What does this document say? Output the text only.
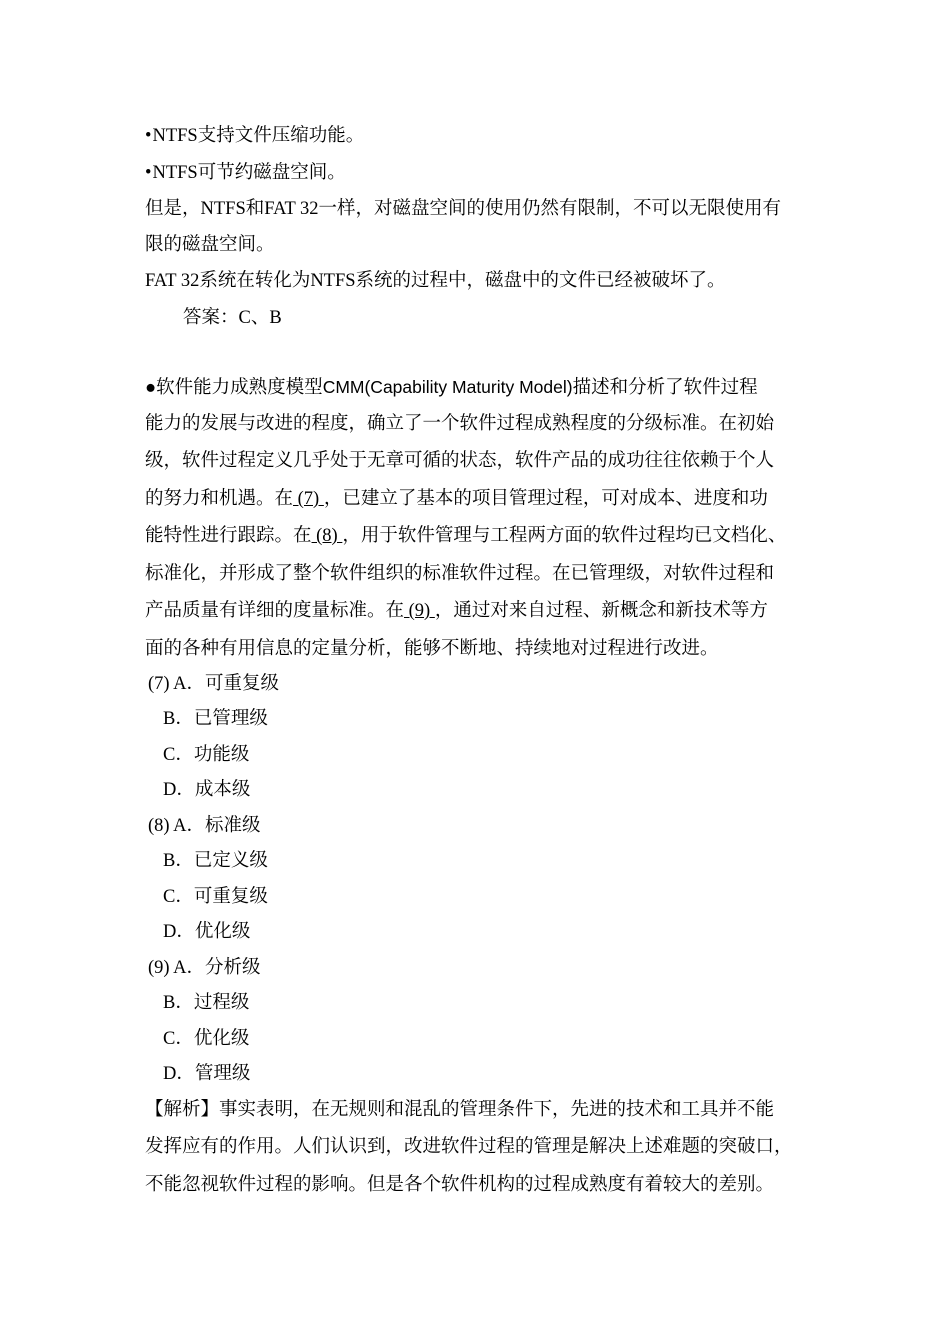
•NTFS支持文件压缩功能。
•NTFS可节约磁盘空间。
但是，NTFS和FAT 32一样，对磁盘空间的使用仍然有限制，不可以无限使用有
限的磁盘空间。
FAT 32系统在转化为NTFS系统的过程中，磁盘中的文件已经被破坏了。
答案：C、B
●软件能力成熟度模型CMM(Capability Maturity Model)描述和分析了软件过程
能力的发展与改进的程度，确立了一个软件过程成熟程度的分级标准。在初始
级，软件过程定义几乎处于无章可循的状态，软件产品的成功往往依赖于个人
的努力和机遇。在 (7) ，已建立了基本的项目管理过程，可对成本、进度和功
能特性进行跟踪。在 (8) ，用于软件管理与工程两方面的软件过程均已文档化、
标准化，并形成了整个软件组织的标准软件过程。在已管理级，对软件过程和
产品质量有详细的度量标准。在 (9) ，通过对来自过程、新概念和新技术等方
面的各种有用信息的定量分析，能够不断地、持续地对过程进行改进。
(7) A．可重复级
B．已管理级
C．功能级
D．成本级
(8) A．标准级
B．已定义级
C．可重复级
D．优化级
(9) A．分析级
B．过程级
C．优化级
D．管理级
【解析】事实表明，在无规则和混乱的管理条件下，先进的技术和工具并不能
发挥应有的作用。人们认识到，改进软件过程的管理是解决上述难题的突破口，
不能忽视软件过程的影响。但是各个软件机构的过程成熟度有着较大的差别。
